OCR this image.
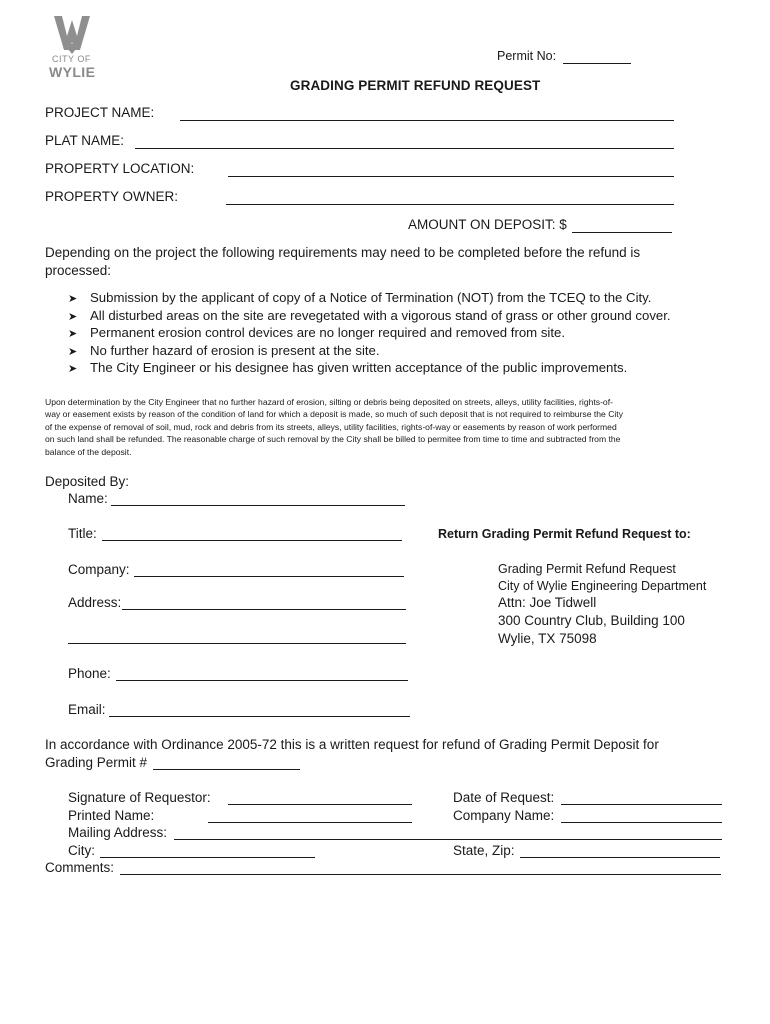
CITY OF
WYLIE
Permit No:
GRADING PERMIT REFUND REQUEST
PROJECT NAME:
PLAT NAME:
PROPERTY LOCATION:
PROPERTY OWNER:
AMOUNT ON DEPOSIT: $
Depending on the project the following requirements may need to be completed before the refund is
processed:
➤ Submission by the applicant of copy of a Notice of Termination (NOT) from the TCEQ to the City.
➤ All disturbed areas on the site are revegetated with a vigorous stand of grass or other ground cover.
➤ Permanent erosion control devices are no longer required and removed from site.
➤ No further hazard of erosion is present at the site.
➤ The City Engineer or his designee has given written acceptance of the public improvements.
Upon determination by the City Engineer that no further hazard of erosion, silting or debris being deposited on streets, alleys, utility facilities, rights-of-
way or easement exists by reason of the condition of land for which a deposit is made, so much of such deposit that is not required to reimburse the City
of the expense of removal of soil, mud, rock and debris from its streets, alleys, utility facilities, rights-of-way or easements by reason of work performed
on such land shall be refunded. The reasonable charge of such removal by the City shall be billed to permitee from time to time and subtracted from the
balance of the deposit.
Deposited By:
Name:
Title:
Company:
Address:
Phone:
Email:
Return Grading Permit Refund Request to:
Grading Permit Refund Request
City of Wylie Engineering Department
Attn: Joe Tidwell
300 Country Club, Building 100
Wylie, TX 75098
In accordance with Ordinance 2005-72 this is a written request for refund of Grading Permit Deposit for
Grading Permit #
Signature of Requestor:	Date of Request:
Printed Name:	Company Name:
Mailing Address:
City:	State, Zip:
Comments:
